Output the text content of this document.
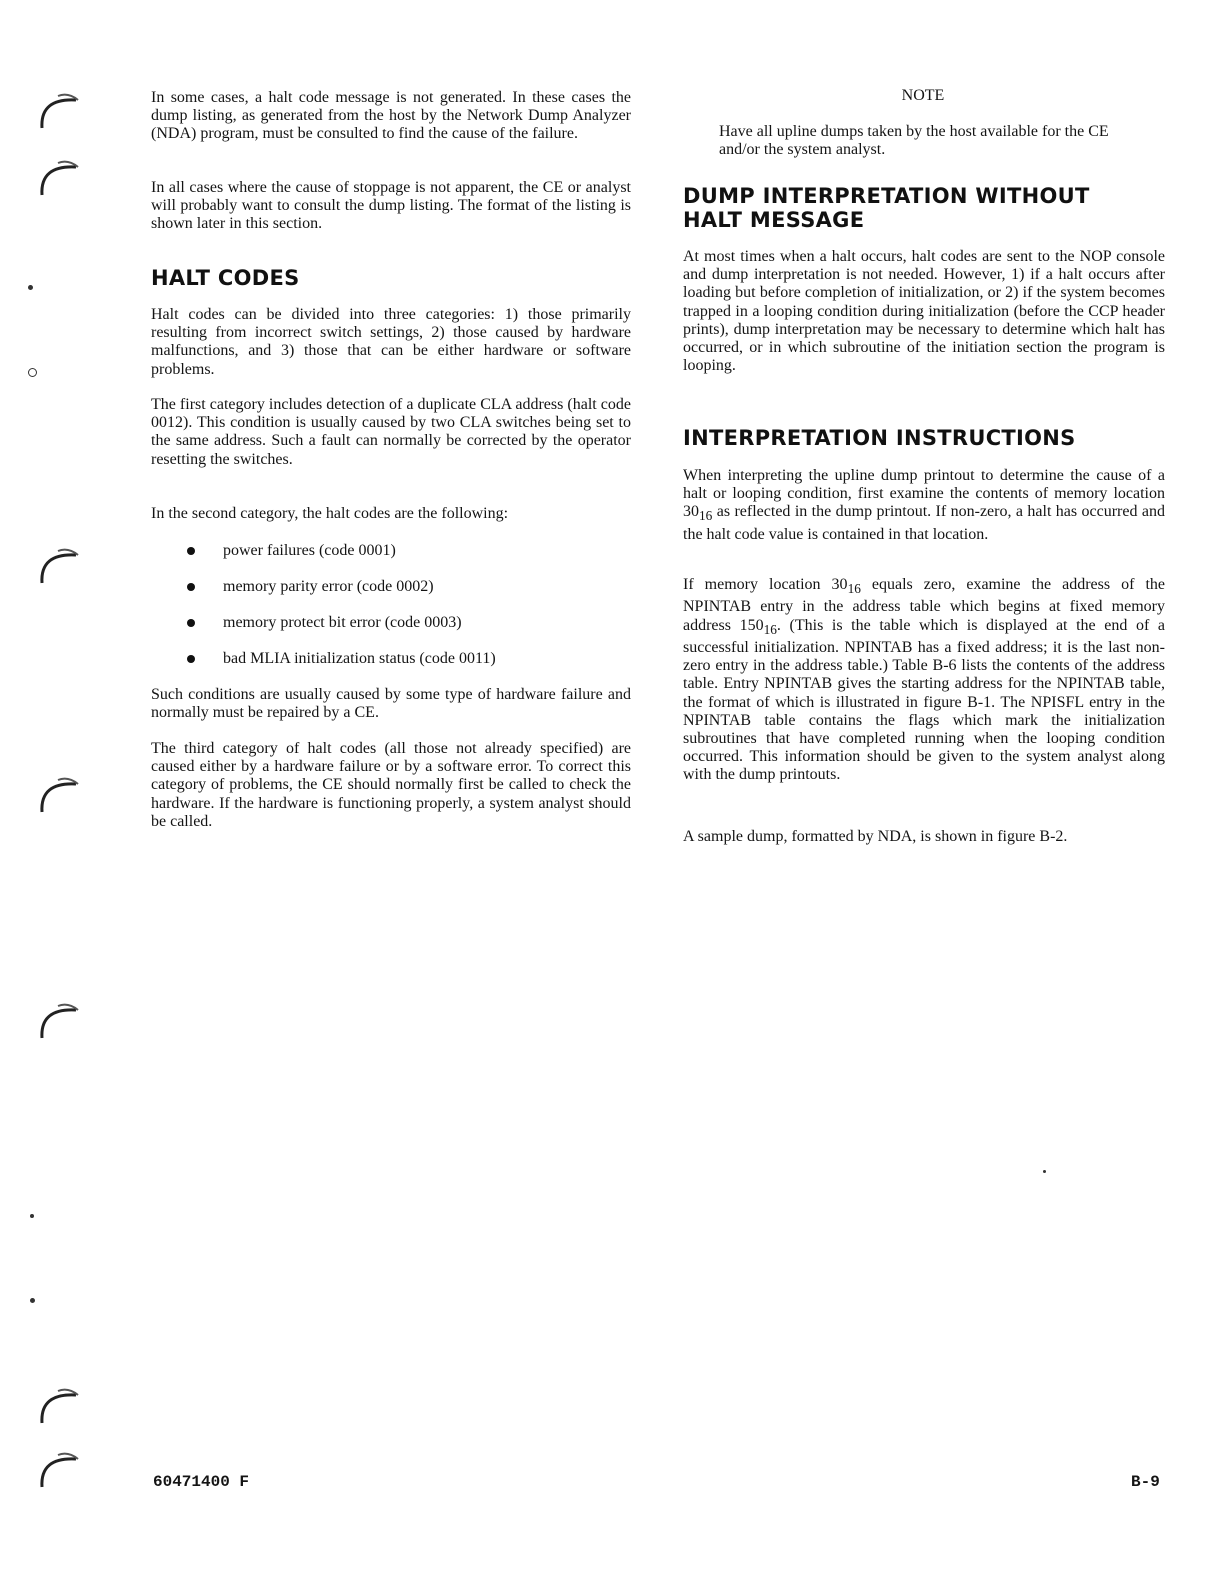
In some cases, a halt code message is not generated. In these cases the dump listing, as generated from the host by the Network Dump Analyzer (NDA) program, must be consulted to find the cause of the failure.

In all cases where the cause of stoppage is not apparent, the CE or analyst will probably want to consult the dump listing. The format of the listing is shown later in this section.

HALT CODES

Halt codes can be divided into three categories: 1) those primarily resulting from incorrect switch settings, 2) those caused by hardware malfunctions, and 3) those that can be either hardware or software problems.

The first category includes detection of a duplicate CLA address (halt code 0012). This condition is usually caused by two CLA switches being set to the same address. Such a fault can normally be corrected by the operator resetting the switches.

In the second category, the halt codes are the following:

power failures (code 0001)
memory parity error (code 0002)
memory protect bit error (code 0003)
bad MLIA initialization status (code 0011)

Such conditions are usually caused by some type of hardware failure and normally must be repaired by a CE.

The third category of halt codes (all those not already specified) are caused either by a hardware failure or by a software error. To correct this category of problems, the CE should normally first be called to check the hardware. If the hardware is functioning properly, a system analyst should be called.

NOTE

Have all upline dumps taken by the host available for the CE and/or the system analyst.

DUMP INTERPRETATION WITHOUT
HALT MESSAGE

At most times when a halt occurs, halt codes are sent to the NOP console and dump interpretation is not needed. However, 1) if a halt occurs after loading but before completion of initialization, or 2) if the system becomes trapped in a looping condition during initialization (before the CCP header prints), dump interpretation may be necessary to determine which halt has occurred, or in which subroutine of the initiation section the program is looping.

INTERPRETATION INSTRUCTIONS

When interpreting the upline dump printout to determine the cause of a halt or looping condition, first examine the contents of memory location $30_{16}$ as reflected in the dump printout. If non-zero, a halt has occurred and the halt code value is contained in that location.

If memory location $30_{16}$ equals zero, examine the address of the NPINTAB entry in the address table which begins at fixed memory address $150_{16}$. (This is the table which is displayed at the end of a successful initialization. NPINTAB has a fixed address; it is the last non-zero entry in the address table.) Table B-6 lists the contents of the address table. Entry NPINTAB gives the starting address for the NPINTAB table, the format of which is illustrated in figure B-1. The NPISFL entry in the NPINTAB table contains the flags which mark the initialization subroutines that have completed running when the looping condition occurred. This information should be given to the system analyst along with the dump printouts.

A sample dump, formatted by NDA, is shown in figure B-2.

60471400 F	B-9
